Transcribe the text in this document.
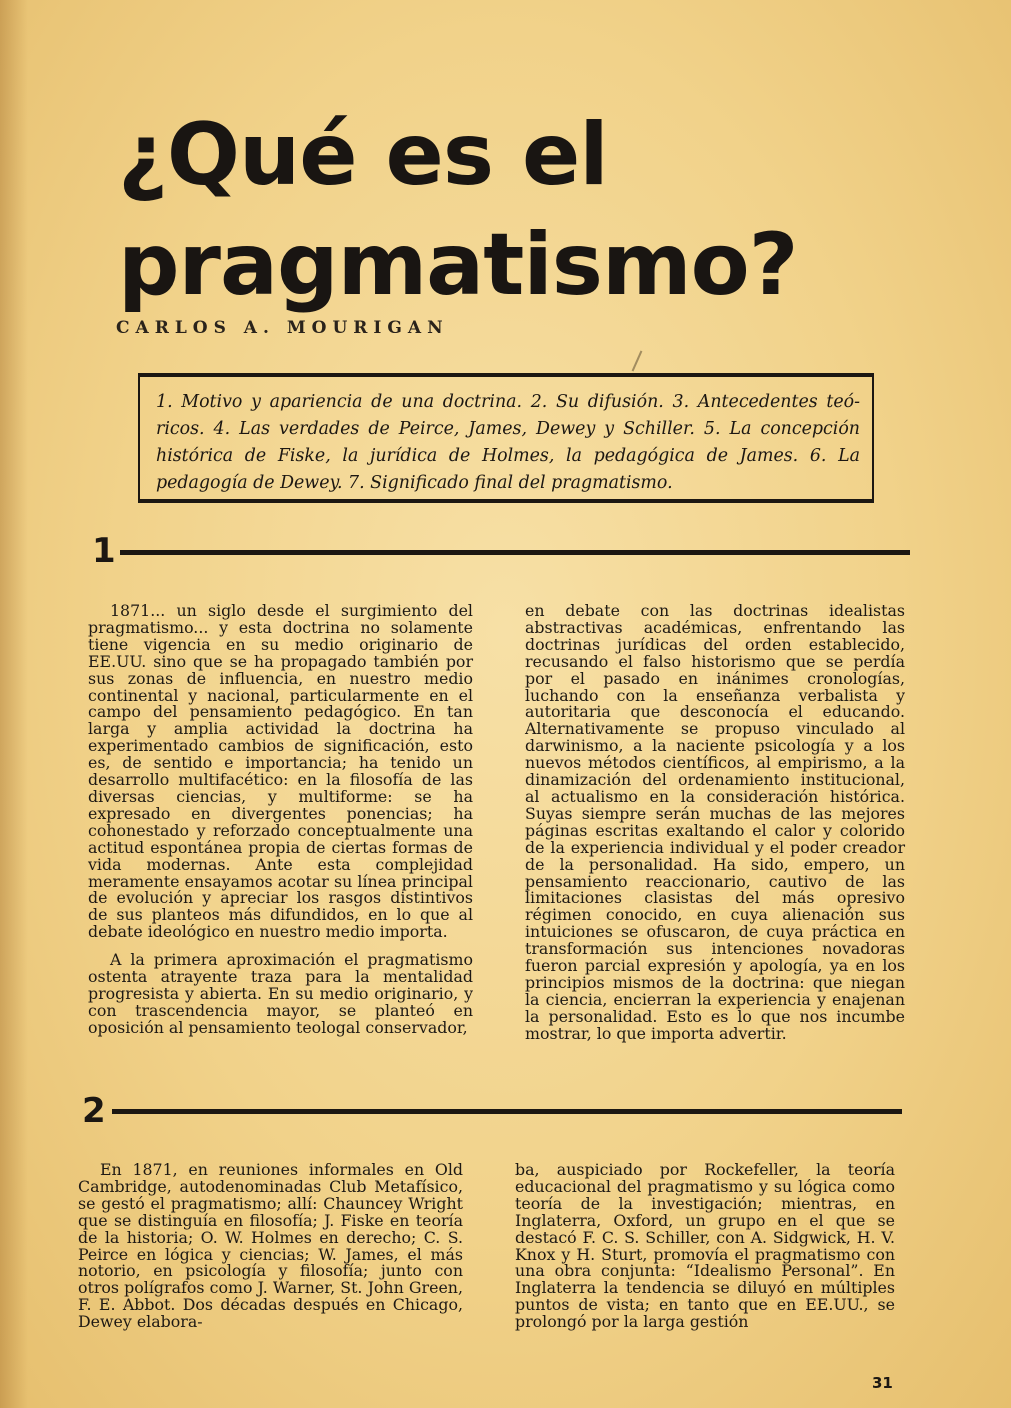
¿Qué es el pragmatismo?
CARLOS A. MOURIGAN

1. Motivo y apariencia de una doctrina. 2. Su difusión. 3. Antecedentes teó-ricos. 4. Las verdades de Peirce, James, Dewey y Schiller. 5. La concepción histórica de Fiske, la jurídica de Holmes, la pedagógica de James. 6. La pedagogía de Dewey. 7. Significado final del pragmatismo.

1

1871... un siglo desde el surgimiento del pragmatismo... y esta doctrina no solamente tiene vigencia en su medio originario de EE.UU. sino que se ha propagado también por sus zonas de influencia, en nuestro medio continental y nacional, particularmente en el campo del pensamiento pedagógico. En tan larga y amplia actividad la doctrina ha experimentado cambios de significación, esto es, de sentido e importancia; ha tenido un desarrollo multifacético: en la filosofía de las diversas ciencias, y multiforme: se ha expresado en divergentes ponencias; ha cohonestado y reforzado conceptualmente una actitud espontánea propia de ciertas formas de vida modernas. Ante esta complejidad meramente ensayamos acotar su línea principal de evolución y apreciar los rasgos distintivos de sus planteos más difundidos, en lo que al debate ideológico en nuestro medio importa.

A la primera aproximación el pragmatismo ostenta atrayente traza para la mentalidad progresista y abierta. En su medio originario, y con trascendencia mayor, se planteó en oposición al pensamiento teologal conservador,

en debate con las doctrinas idealistas abstractivas académicas, enfrentando las doctrinas jurídicas del orden establecido, recusando el falso historismo que se perdía por el pasado en inánimes cronologías, luchando con la enseñanza verbalista y autoritaria que desconocía el educando. Alternativamente se propuso vinculado al darwinismo, a la naciente psicología y a los nuevos métodos científicos, al empirismo, a la dinamización del ordenamiento institucional, al actualismo en la consideración histórica. Suyas siempre serán muchas de las mejores páginas escritas exaltando el calor y colorido de la experiencia individual y el poder creador de la personalidad. Ha sido, empero, un pensamiento reaccionario, cautivo de las limitaciones clasistas del más opresivo régimen conocido, en cuya alienación sus intuiciones se ofuscaron, de cuya práctica en transformación sus intenciones novadoras fueron parcial expresión y apología, ya en los principios mismos de la doctrina: que niegan la ciencia, encierran la experiencia y enajenan la personalidad. Esto es lo que nos incumbe mostrar, lo que importa advertir.

2

En 1871, en reuniones informales en Old Cambridge, autodenominadas Club Metafísico, se gestó el pragmatismo; allí: Chauncey Wright que se distinguía en filosofía; J. Fiske en teoría de la historia; O. W. Holmes en derecho; C. S. Peirce en lógica y ciencias; W. James, el más notorio, en psicología y filosofía; junto con otros polígrafos como J. Warner, St. John Green, F. E. Abbot. Dos décadas después en Chicago, Dewey elabora-

ba, auspiciado por Rockefeller, la teoría educacional del pragmatismo y su lógica como teoría de la investigación; mientras, en Inglaterra, Oxford, un grupo en el que se destacó F. C. S. Schiller, con A. Sidgwick, H. V. Knox y H. Sturt, promovía el pragmatismo con una obra conjunta: “Idealismo Personal”. En Inglaterra la tendencia se diluyó en múltiples puntos de vista; en tanto que en EE.UU., se prolongó por la larga gestión

31
